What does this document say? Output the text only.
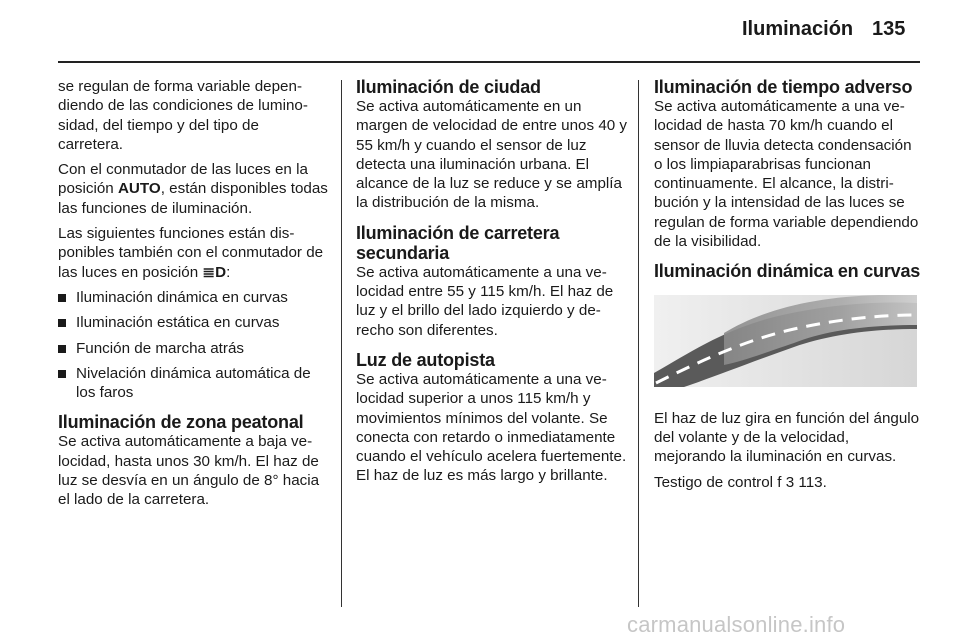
Iluminación 135

se regulan de forma variable dependiendo de las condiciones de luminosidad, del tiempo y del tipo de carretera.

Con el conmutador de las luces en la posición AUTO, están disponibles todas las funciones de iluminación.

Las siguientes funciones están disponibles también con el conmutador de las luces en posición ≣D:

Iluminación dinámica en curvas
Iluminación estática en curvas
Función de marcha atrás
Nivelación dinámica automática de los faros
Iluminación de zona peatonal

Se activa automáticamente a baja velocidad, hasta unos 30 km/h. El haz de luz se desvía en un ángulo de 8° hacia el lado de la carretera.

Iluminación de ciudad

Se activa automáticamente en un margen de velocidad de entre unos 40 y 55 km/h y cuando el sensor de luz detecta una iluminación urbana. El alcance de la luz se reduce y se amplía la distribución de la misma.

Iluminación de carretera secundaria

Se activa automáticamente a una velocidad entre 55 y 115 km/h. El haz de luz y el brillo del lado izquierdo y derecho son diferentes.

Luz de autopista

Se activa automáticamente a una velocidad superior a unos 115 km/h y movimientos mínimos del volante. Se conecta con retardo o inmediatamente cuando el vehículo acelera fuertemente. El haz de luz es más largo y brillante.

Iluminación de tiempo adverso

Se activa automáticamente a una velocidad de hasta 70 km/h cuando el sensor de lluvia detecta condensación o los limpiaparabrisas funcionan continuamente. El alcance, la distribución y la intensidad de las luces se regulan de forma variable dependiendo de la visibilidad.

Iluminación dinámica en curvas

El haz de luz gira en función del ángulo del volante y de la velocidad, mejorando la iluminación en curvas.

Testigo de control f 3 113.

carmanualsonline.info
